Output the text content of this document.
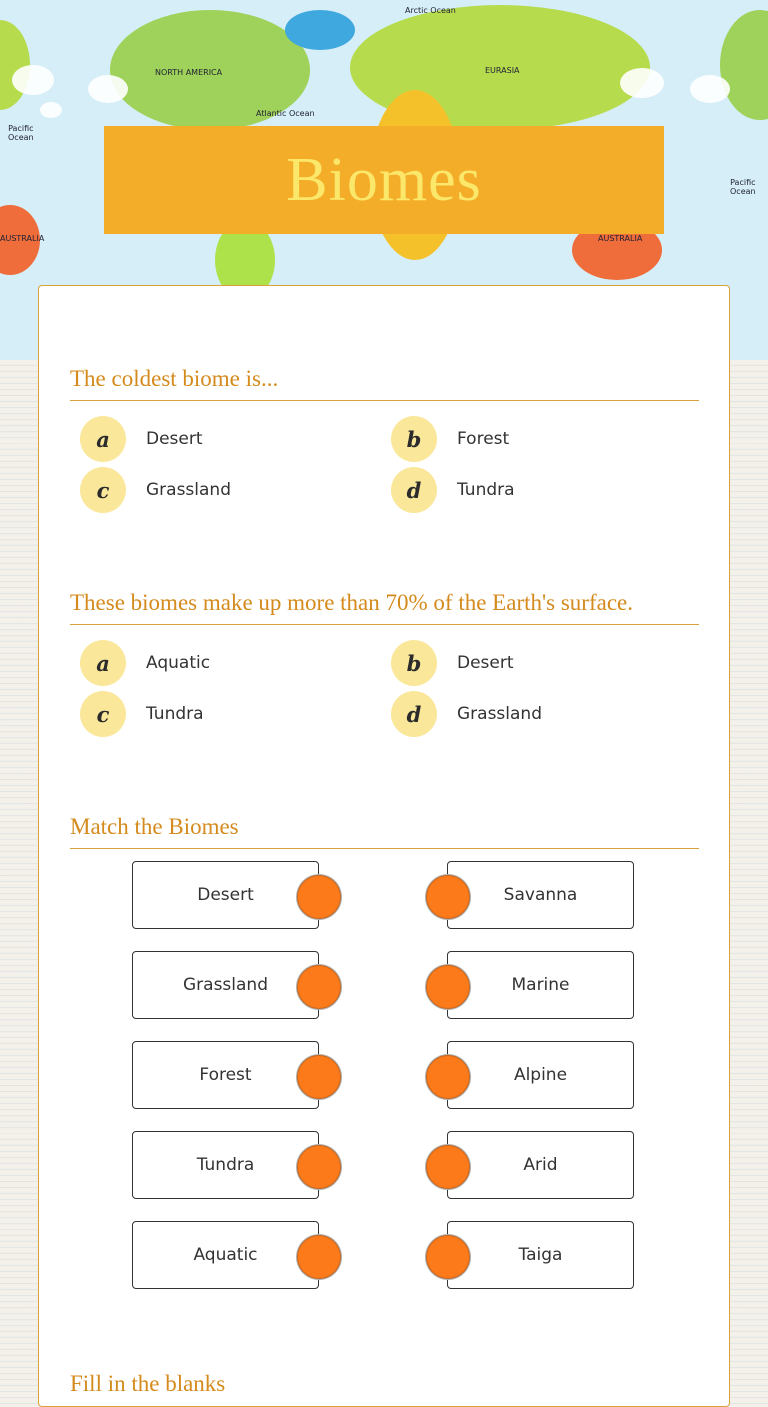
Arctic Ocean
NORTH AMERICA	EURASIA
Atlantic Ocean
Pacific
Ocean
Pacific
Ocean
AUSTRALIA	AUSTRALIA
Biomes
The coldest biome is...
a	Desert	b	Forest
c	Grassland	d	Tundra
These biomes make up more than 70% of the Earth's surface.
a	Aquatic	b	Desert
c	Tundra	d	Grassland
Match the Biomes
Desert	Savanna
Grassland	Marine
Forest	Alpine
Tundra	Arid
Aquatic	Taiga
Fill in the blanks
